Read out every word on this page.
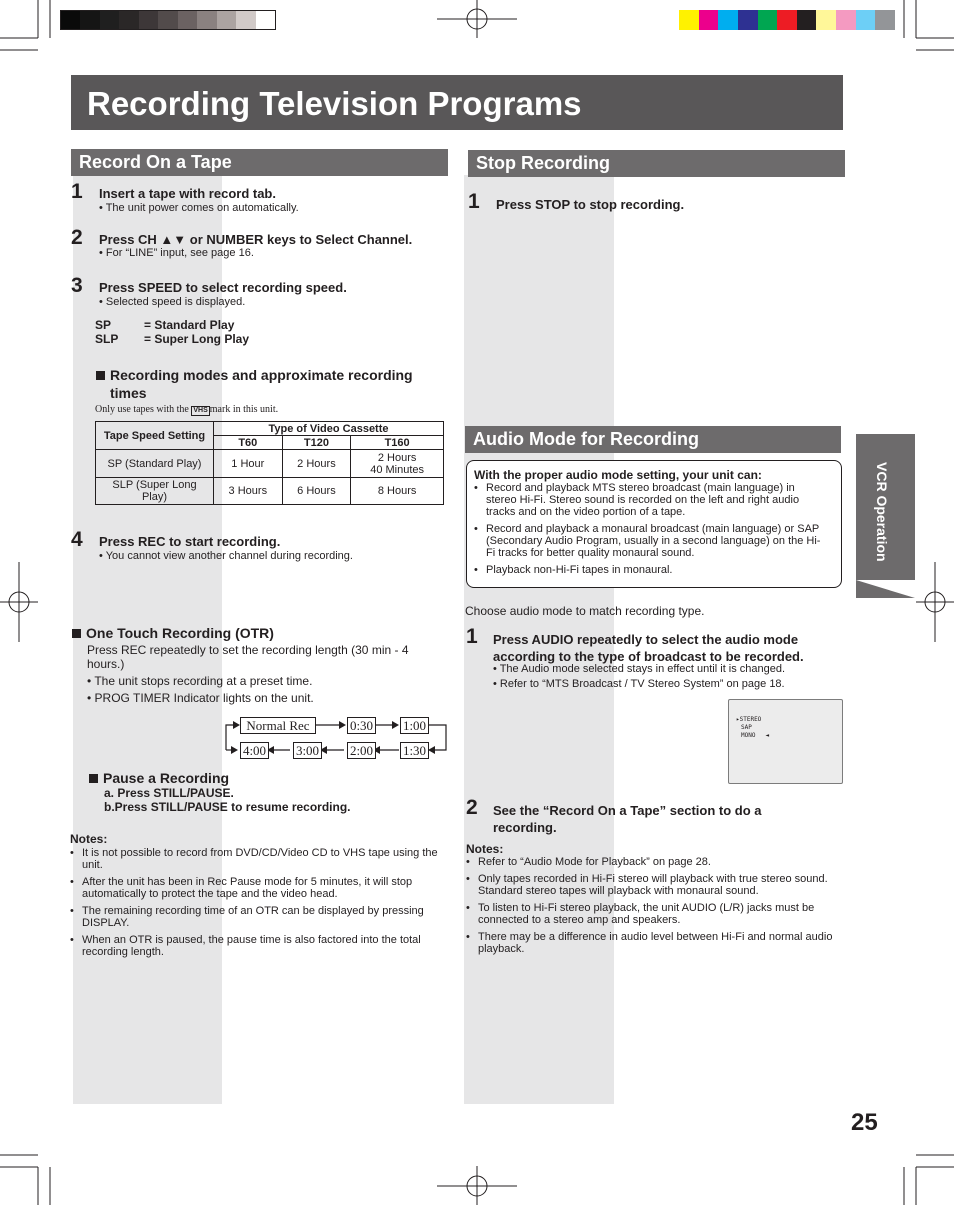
Recording Television Programs
Record On a Tape
1 Insert a tape with record tab.
• The unit power comes on automatically.
2 Press CH ▲▼ or NUMBER keys to Select Channel.
• For “LINE” input, see page 16.
3 Press SPEED to select recording speed.
• Selected speed is displayed.
SP	= Standard Play
SLP = Super Long Play
Recording modes and approximate recording
times
Only use tapes with the VHS mark in this unit.
Tape Speed Setting	Type of Video Cassette		
	T60	T120	T160
SP (Standard Play)	1 Hour	2 Hours	2 Hours
40 Minutes

SLP (Super Long
Play)	3 Hours	6 Hours	8 Hours
4 Press REC to start recording.
• You cannot view another channel during recording.
One Touch Recording (OTR)
Press REC repeatedly to set the recording length (30 min - 4
hours.)
• The unit stops recording at a preset time.
• PROG TIMER Indicator lights on the unit.
Normal Rec	0:30 1:00
4:00 3:00 2:00 1:30
Pause a Recording
a. Press STILL/PAUSE.
b.Press STILL/PAUSE to resume recording.
Notes:
• It is not possible to record from DVD/CD/Video CD to VHS tape using the
unit.
• After the unit has been in Rec Pause mode for 5 minutes, it will stop
automatically to protect the tape and the video head.
• The remaining recording time of an OTR can be displayed by pressing
DISPLAY.
• When an OTR is paused, the pause time is also factored into the total
recording length.
Stop Recording
1 Press STOP to stop recording.
Audio Mode for Recording
With the proper audio mode setting, your unit can:
• Record and playback MTS stereo broadcast (main language) in
stereo Hi-Fi. Stereo sound is recorded on the left and right audio
tracks and on the video portion of a tape.
• Record and playback a monaural broadcast (main language) or SAP
(Secondary Audio Program, usually in a second language) on the Hi-
Fi tracks for better quality monaural sound.
• Playback non-Hi-Fi tapes in monaural.
Choose audio mode to match recording type.
1 Press AUDIO repeatedly to select the audio mode
according to the type of broadcast to be recorded.
• The Audio mode selected stays in effect until it is changed.
• Refer to “MTS Broadcast / TV Stereo System” on page 18.
▸STEREO
SAP
MONO ◄
2 See the “Record On a Tape” section to do a
recording.
Notes:
• Refer to “Audio Mode for Playback” on page 28.
• Only tapes recorded in Hi-Fi stereo will playback with true stereo sound.
Standard stereo tapes will playback with monaural sound.
• To listen to Hi-Fi stereo playback, the unit AUDIO (L/R) jacks must be
connected to a stereo amp and speakers.
• There may be a difference in audio level between Hi-Fi and normal audio
playback.
VCR Operation
25
